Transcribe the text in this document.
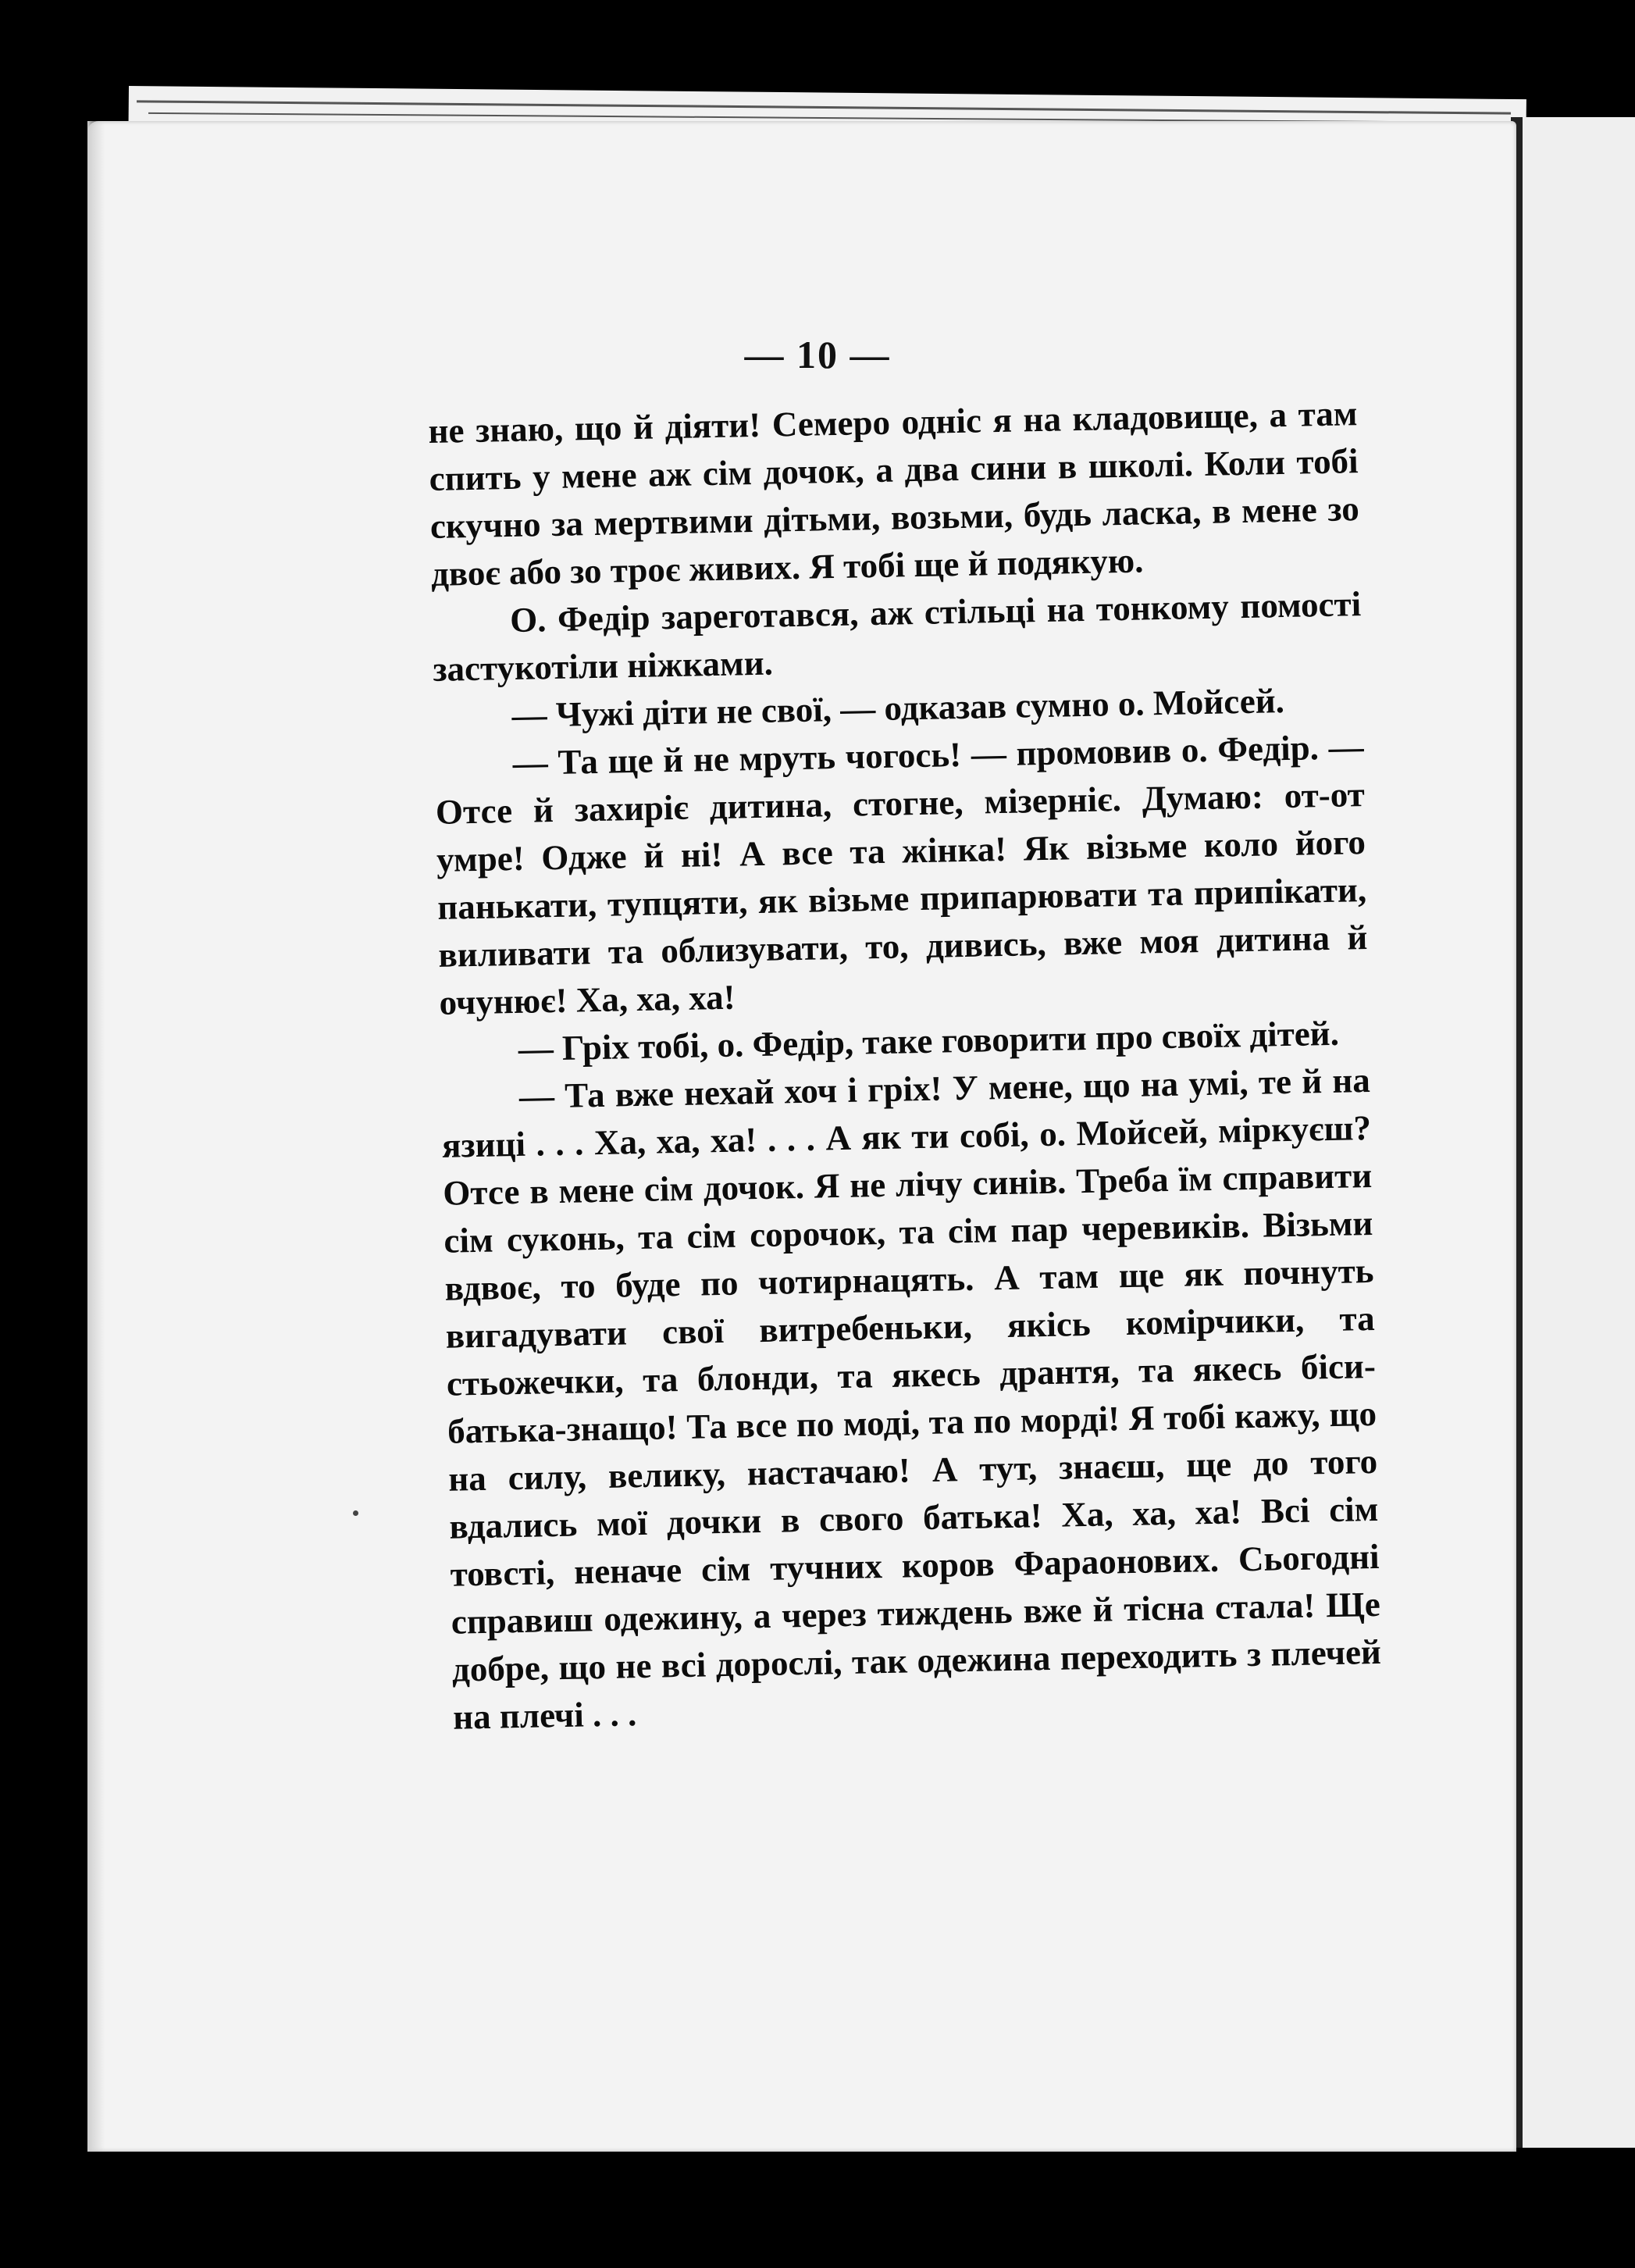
— 10 —

не знаю, що й діяти! Семеро одніс я на кладовище, а там спить у мене аж сім дочок, а два сини в школі. Коли тобі скучно за мертвими дітьми, возьми, будь ласка, в мене зо двоє або зо троє живих. Я тобі ще й подякую.

О. Федір зареготався, аж стільці на тонкому помості застукотіли ніжками.

— Чужі діти не свої, — одказав сумно о. Мойсей.

— Та ще й не мруть чогось! — промовив о. Федір. — Отсе й захиріє дитина, стогне, мізерніє. Думаю: от-от умре! Одже й ні! А все та жінка! Як візьме коло його панькати, тупцяти, як візьме припарювати та припікати, виливати та облизувати, то, дивись, вже моя дитина й очунює! Ха, ха, ха!

— Гріх тобі, о. Федір, таке говорити про своїх дітей.

— Та вже нехай хоч і гріх! У мене, що на умі, те й на язиці . . . Ха, ха, ха! . . . А як ти собі, о. Мойсей, міркуєш? Отсе в мене сім дочок. Я не лічу синів. Треба їм справити сім суконь, та сім сорочок, та сім пар черевиків. Візьми вдвоє, то буде по чотирнацять. А там ще як почнуть вигадувати свої витребеньки, якісь комірчики, та стьожечки, та блонди, та якесь дрантя, та якесь біси-батька-знащо! Та все по моді, та по морді! Я тобі кажу, що на силу, велику, настачаю! А тут, знаєш, ще до того вдались мої дочки в свого батька! Ха, ха, ха! Всі сім товсті, неначе сім тучних коров Фараонових. Сьогодні справиш одежину, а через тиждень вже й тісна стала! Ще добре, що не всі дорослі, так одежина переходить з плечей на плечі . . .
